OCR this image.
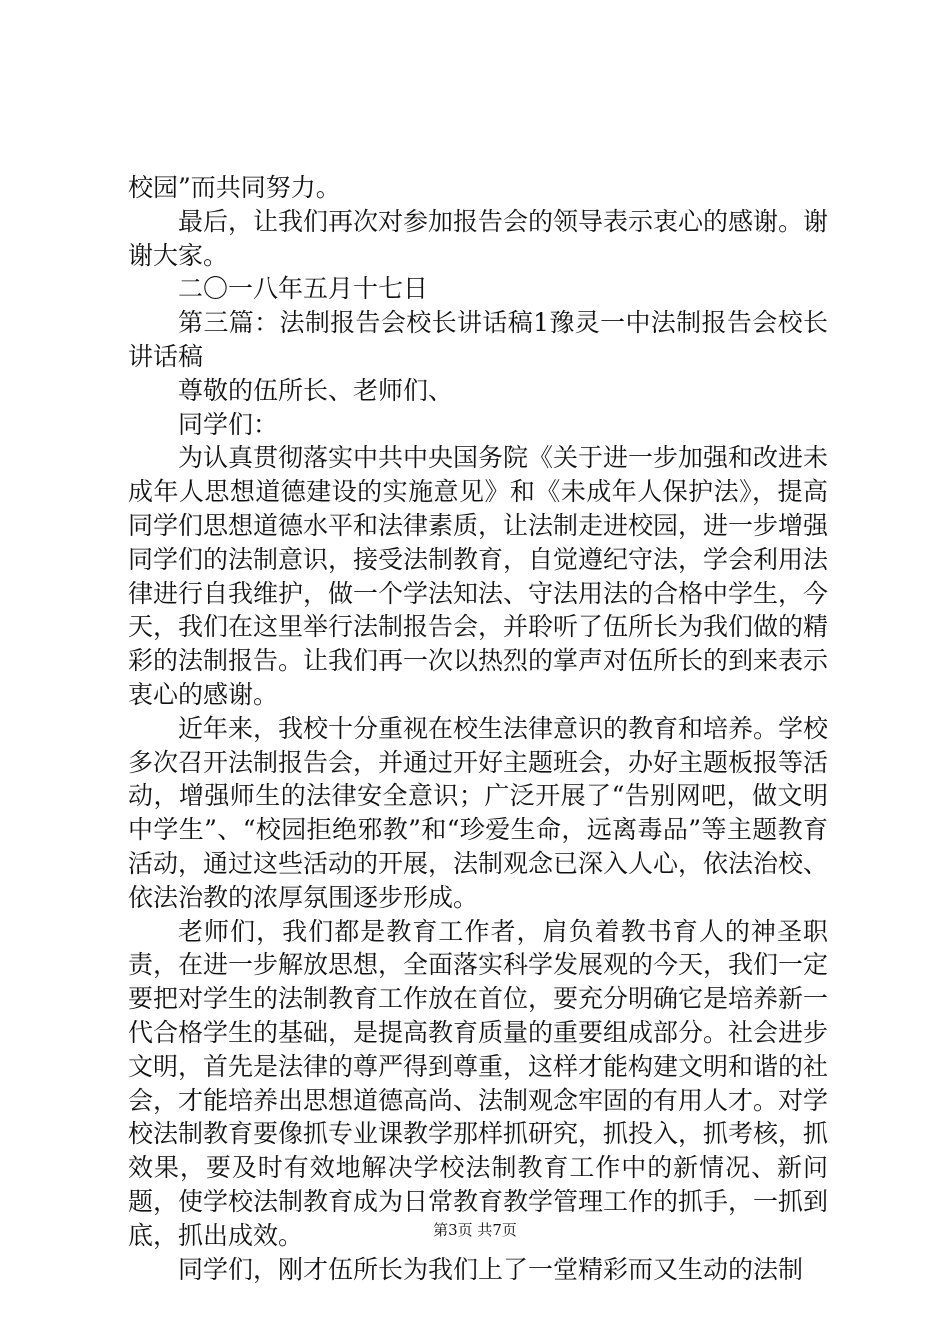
校园”而共同努力。

最后，让我们再次对参加报告会的领导表示衷心的感谢。谢谢大家。

二〇一八年五月十七日

第三篇：法制报告会校长讲话稿1豫灵一中法制报告会校长讲话稿

尊敬的伍所长、老师们、

同学们：

为认真贯彻落实中共中央国务院《关于进一步加强和改进未成年人思想道德建设的实施意见》和《未成年人保护法》，提高同学们思想道德水平和法律素质，让法制走进校园，进一步增强同学们的法制意识，接受法制教育，自觉遵纪守法，学会利用法律进行自我维护，做一个学法知法、守法用法的合格中学生，今天，我们在这里举行法制报告会，并聆听了伍所长为我们做的精彩的法制报告。让我们再一次以热烈的掌声对伍所长的到来表示衷心的感谢。

近年来，我校十分重视在校生法律意识的教育和培养。学校多次召开法制报告会，并通过开好主题班会，办好主题板报等活动，增强师生的法律安全意识；广泛开展了“告别网吧，做文明中学生”、“校园拒绝邪教”和“珍爱生命，远离毒品”等主题教育活动，通过这些活动的开展，法制观念已深入人心，依法治校、依法治教的浓厚氛围逐步形成。

老师们，我们都是教育工作者，肩负着教书育人的神圣职责，在进一步解放思想，全面落实科学发展观的今天，我们一定要把对学生的法制教育工作放在首位，要充分明确它是培养新一代合格学生的基础，是提高教育质量的重要组成部分。社会进步文明，首先是法律的尊严得到尊重，这样才能构建文明和谐的社会，才能培养出思想道德高尚、法制观念牢固的有用人才。对学校法制教育要像抓专业课教学那样抓研究，抓投入，抓考核，抓效果，要及时有效地解决学校法制教育工作中的新情况、新问题，使学校法制教育成为日常教育教学管理工作的抓手，一抓到底，抓出成效。

同学们，刚才伍所长为我们上了一堂精彩而又生动的法制

第3页 共7页
